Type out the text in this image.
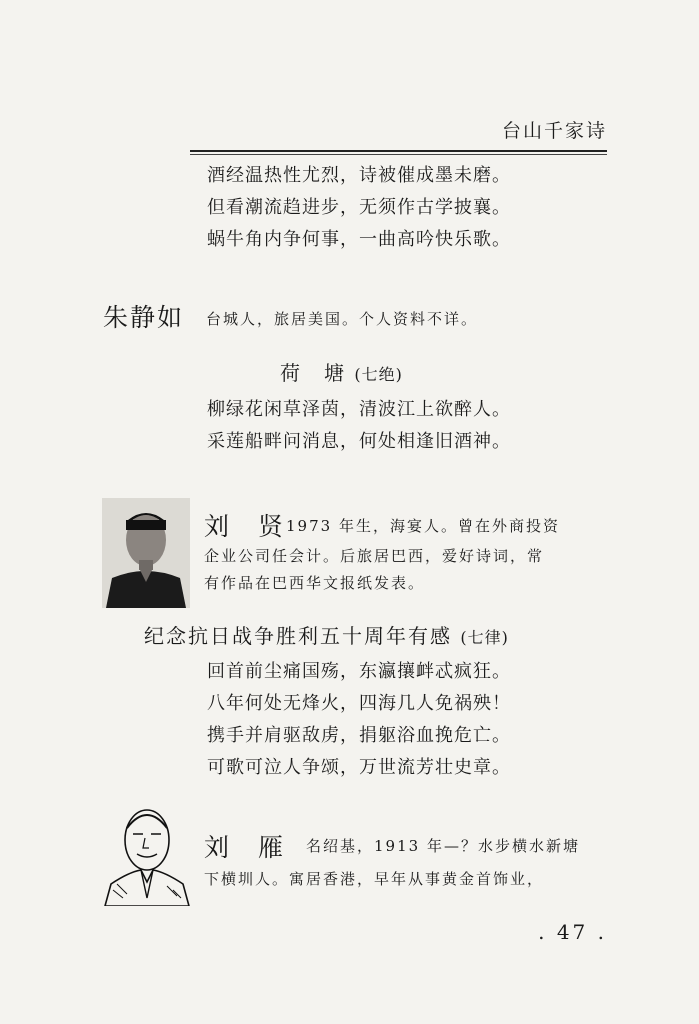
台山千家诗
酒经温热性尤烈，诗被催成墨未磨。
但看潮流趋进步，无须作古学披襄。
蜗牛角内争何事，一曲高吟快乐歌。
朱静如 台城人，旅居美国。个人资料不详。
荷　塘 (七绝)
柳绿花闲草泽茵，清波江上欲醉人。
采莲船畔问消息，何处相逢旧酒神。
刘　贤 1973 年生，海宴人。曾在外商投资
企业公司任会计。后旅居巴西，爱好诗词，常
有作品在巴西华文报纸发表。
纪念抗日战争胜利五十周年有感 (七律)
回首前尘痛国殇，东瀛攘衅忒疯狂。
八年何处无烽火，四海几人免祸殃！
携手并肩驱敌虏，捐躯浴血挽危亡。
可歌可泣人争颂，万世流芳壮史章。
刘　雁 名绍基，1913 年—？水步横水新塘
下横圳人。寓居香港，早年从事黄金首饰业，
. 47 .
